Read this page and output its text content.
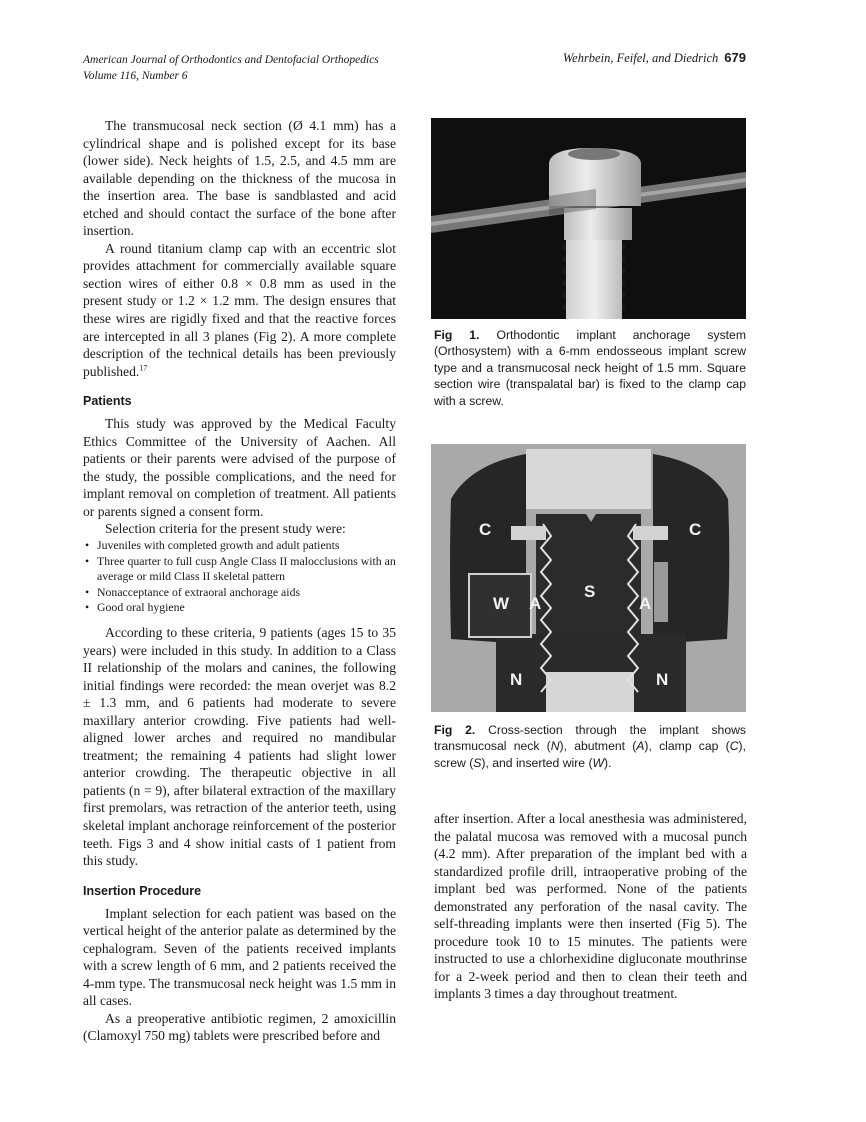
American Journal of Orthodontics and Dentofacial Orthopedics
Volume 116, Number 6
Wehrbein, Feifel, and Diedrich 679

The transmucosal neck section (Ø 4.1 mm) has a cylindrical shape and is polished except for its base (lower side). Neck heights of 1.5, 2.5, and 4.5 mm are available depending on the thickness of the mucosa in the insertion area. The base is sandblasted and acid etched and should contact the surface of the bone after insertion.

A round titanium clamp cap with an eccentric slot provides attachment for commercially available square section wires of either 0.8 × 0.8 mm as used in the present study or 1.2 × 1.2 mm. The design ensures that these wires are rigidly fixed and that the reactive forces are intercepted in all 3 planes (Fig 2). A more complete description of the technical details has been previously published.$^{17}$

Patients

This study was approved by the Medical Faculty Ethics Committee of the University of Aachen. All patients or their parents were advised of the purpose of the study, the possible complications, and the need for implant removal on completion of treatment. All patients or parents signed a consent form.

Selection criteria for the present study were:

• Juveniles with completed growth and adult patients
• Three quarter to full cusp Angle Class II malocclusions with an average or mild Class II skeletal pattern
• Nonacceptance of extraoral anchorage aids
• Good oral hygiene

According to these criteria, 9 patients (ages 15 to 35 years) were included in this study. In addition to a Class II relationship of the molars and canines, the following initial findings were recorded: the mean overjet was 8.2 ± 1.3 mm, and 6 patients had moderate to severe maxillary anterior crowding. Five patients had well-aligned lower arches and required no mandibular treatment; the remaining 4 patients had slight lower anterior crowding. The therapeutic objective in all patients (n = 9), after bilateral extraction of the maxillary first premolars, was retraction of the anterior teeth, using skeletal implant anchorage reinforcement of the posterior teeth. Figs 3 and 4 show initial casts of 1 patient from this study.

Insertion Procedure

Implant selection for each patient was based on the vertical height of the anterior palate as determined by the cephalogram. Seven of the patients received implants with a screw length of 6 mm, and 2 patients received the 4-mm type. The transmucosal neck height was 1.5 mm in all cases.

As a preoperative antibiotic regimen, 2 amoxicillin (Clamoxyl 750 mg) tablets were prescribed before and

Fig 1. Orthodontic implant anchorage system (Orthosystem) with a 6-mm endosseous implant screw type and a transmucosal neck height of 1.5 mm. Square section wire (transpalatal bar) is fixed to the clamp cap with a screw.
C	C
W A
S
A
N	N
Fig 2. Cross-section through the implant shows transmucosal neck (N), abutment (A), clamp cap (C), screw (S), and inserted wire (W).

after insertion. After a local anesthesia was administered, the palatal mucosa was removed with a mucosal punch (4.2 mm). After preparation of the implant bed with a standardized profile drill, intraoperative probing of the implant bed was performed. None of the patients demonstrated any perforation of the nasal cavity. The self-threading implants were then inserted (Fig 5). The procedure took 10 to 15 minutes. The patients were instructed to use a chlorhexidine digluconate mouthrinse for a 2-week period and then to clean their teeth and implants 3 times a day throughout treatment.
